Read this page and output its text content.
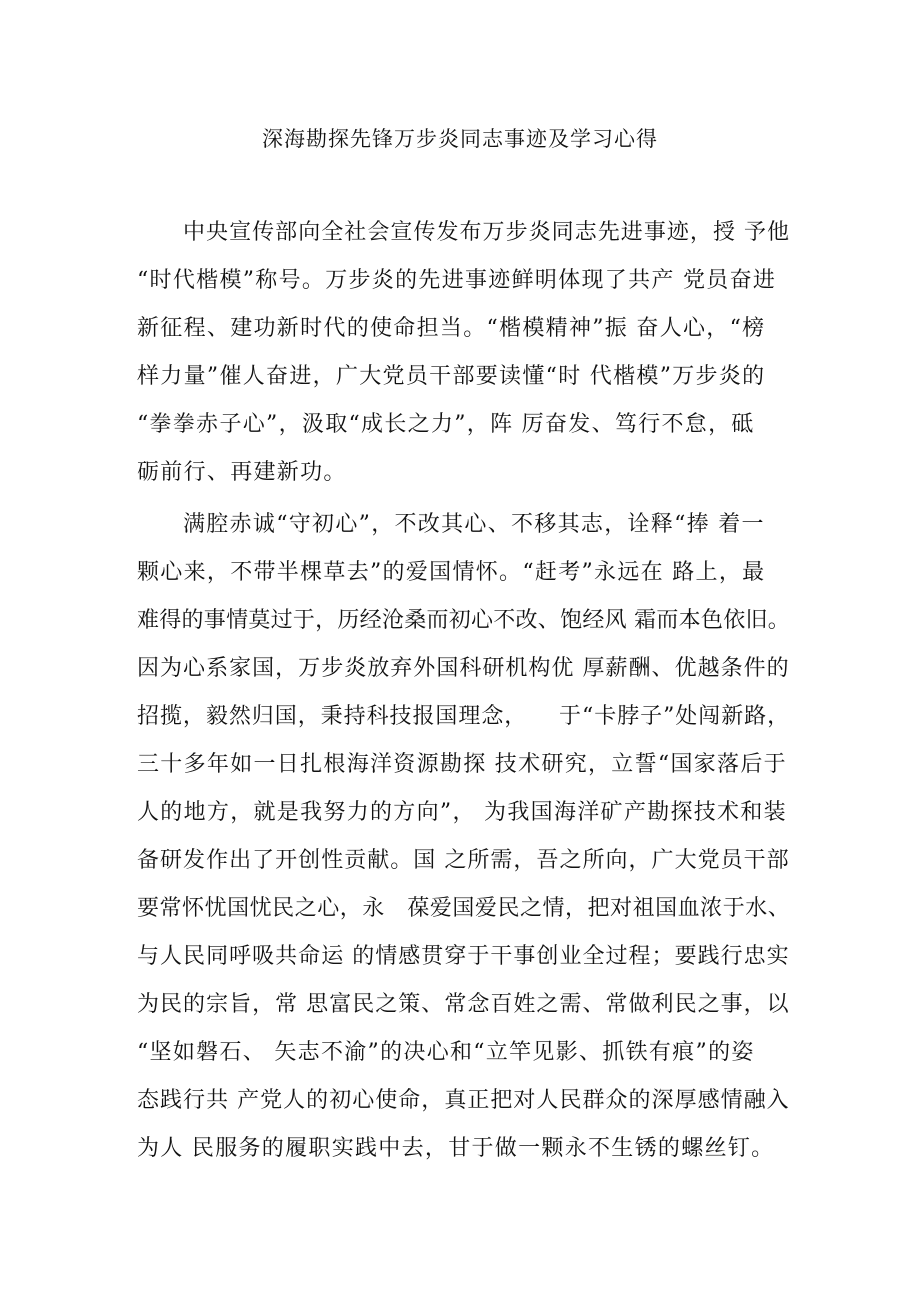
深海勘探先锋万步炎同志事迹及学习心得
中央宣传部向全社会宣传发布万步炎同志先进事迹，授 予他
“时代楷模”称号。万步炎的先进事迹鲜明体现了共产 党员奋进
新征程、建功新时代的使命担当。“楷模精神”振 奋人心，“榜
样力量”催人奋进，广大党员干部要读懂“时 代楷模”万步炎的
“拳拳赤子心”，汲取“成长之力”，阵 厉奋发、笃行不怠，砥
砺前行、再建新功。
满腔赤诚“守初心”，不改其心、不移其志，诠释“捧 着一
颗心来，不带半棵草去”的爱国情怀。“赶考”永远在 路上，最
难得的事情莫过于，历经沧桑而初心不改、饱经风 霜而本色依旧。
因为心系家国，万步炎放弃外国科研机构优 厚薪酬、优越条件的
招揽，毅然归国，秉持科技报国理念，    于“卡脖子”处闯新路，
三十多年如一日扎根海洋资源勘探 技术研究，立誓“国家落后于
人的地方，就是我努力的方向”， 为我国海洋矿产勘探技术和装
备研发作出了开创性贡献。国 之所需，吾之所向，广大党员干部
要常怀忧国忧民之心，永   葆爱国爱民之情，把对祖国血浓于水、
与人民同呼吸共命运 的情感贯穿于干事创业全过程；要践行忠实
为民的宗旨，常 思富民之策、常念百姓之需、常做利民之事，以
“坚如磐石、 矢志不渝”的决心和“立竿见影、抓铁有痕”的姿
态践行共 产党人的初心使命，真正把对人民群众的深厚感情融入
为人 民服务的履职实践中去，甘于做一颗永不生锈的螺丝钉。
